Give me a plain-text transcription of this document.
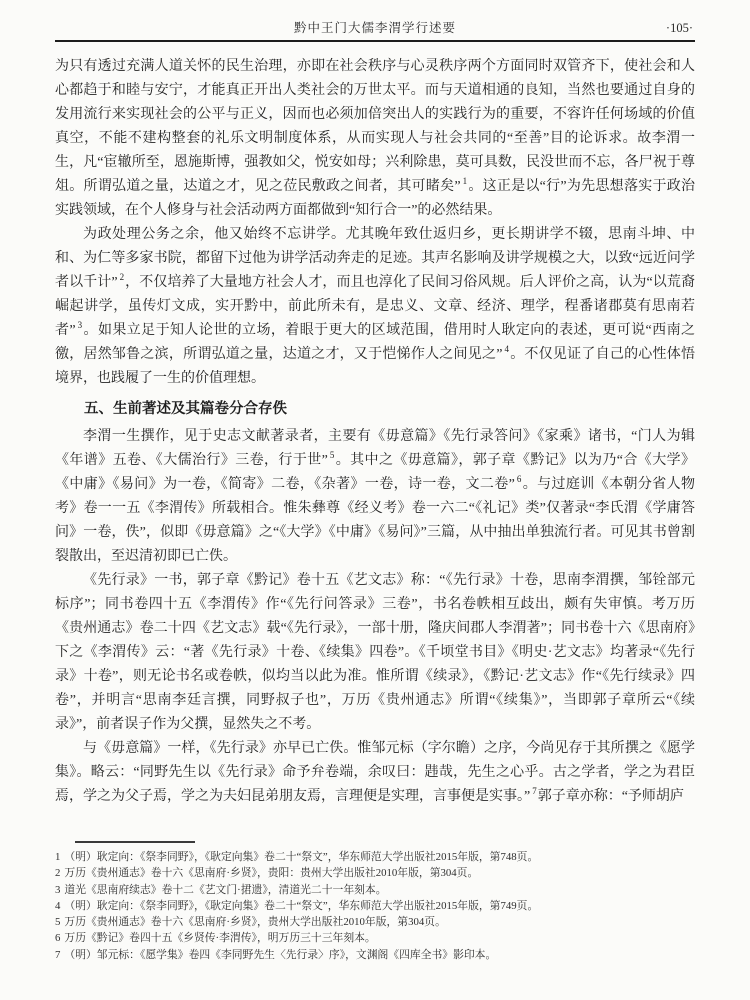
黔中王门大儒李渭学行述要	·105·

为只有透过充满人道关怀的民生治理，亦即在社会秩序与心灵秩序两个方面同时双管齐下，使社会和人心都趋于和睦与安宁，才能真正开出人类社会的万世太平。而与天道相通的良知，当然也要通过自身的发用流行来实现社会的公平与正义，因而也必须加倍突出人的实践行为的重要，不容许任何场域的价值真空，不能不建构整套的礼乐文明制度体系，从而实现人与社会共同的“至善”目的论诉求。故李渭一生，凡“宦辙所至，恩施斯博，强教如父，悦安如母；兴利除患，莫可具数，民没世而不忘，各尸祝于尊俎。所谓弘道之量，达道之才，见之莅民敷政之间者，其可睹矣” $^1$。这正是以“行”为先思想落实于政治实践领域，在个人修身与社会活动两方面都做到“知行合一”的必然结果。

为政处理公务之余，他又始终不忘讲学。尤其晚年致仕返归乡，更长期讲学不辍，思南斗坤、中和、为仁等多家书院，都留下过他为讲学活动奔走的足迹。其声名影响及讲学规模之大，以致“远近问学者以千计” $^2$，不仅培养了大量地方社会人才，而且也淳化了民间习俗风规。后人评价之高，认为“以荒裔崛起讲学，虽传灯文成，实开黔中，前此所未有，是忠义、文章、经济、理学，程番诸郡莫有思南若者” $^3$。如果立足于知人论世的立场，着眼于更大的区域范围，借用时人耿定向的表述，更可说“西南之徼，居然邹鲁之滨，所谓弘道之量，达道之才，又于恺悌作人之间见之” $^4$。不仅见证了自己的心性体悟境界，也践履了一生的价值理想。

五、生前著述及其篇卷分合存佚

李渭一生撰作，见于史志文献著录者，主要有《毋意篇》《先行录答问》《家乘》诸书，“门人为辑《年谱》五卷、《大儒治行》三卷，行于世” $^5$。其中之《毋意篇》，郭子章《黔记》以为乃“合《大学》《中庸》《易问》为一卷，《简寄》二卷，《杂著》一卷，诗一卷，文二卷” $^6$。与过庭训《本朝分省人物考》卷一一五《李渭传》所载相合。惟朱彝尊《经义考》卷一六二“《礼记》类”仅著录“李氏渭《学庸答问》一卷，佚”，似即《毋意篇》之“《大学》《中庸》《易问》”三篇，从中抽出单独流行者。可见其书曾割裂散出，至迟清初即已亡佚。

《先行录》一书，郭子章《黔记》卷十五《艺文志》称：“《先行录》十卷，思南李渭撰，邹铨部元标序”；同书卷四十五《李渭传》作“《先行问答录》三卷”，书名卷帙相互歧出，颇有失审慎。考万历《贵州通志》卷二十四《艺文志》载“《先行录》，一部十册，隆庆间郡人李渭著”；同书卷十六《思南府》下之《李渭传》云：“著《先行录》十卷、《续集》四卷”。《千顷堂书目》《明史·艺文志》均著录“《先行录》十卷”，则无论书名或卷帙，似均当以此为准。惟所谓《续录》，《黔记·艺文志》作“《先行续录》四卷”，并明言“思南李廷言撰，同野叔子也”，万历《贵州通志》所谓“《续集》”，当即郭子章所云“《续录》”，前者误子作为父撰，显然失之不考。

与《毋意篇》一样，《先行录》亦早已亡佚。惟邹元标（字尔瞻）之序，今尚见存于其所撰之《愿学集》。略云：“同野先生以《先行录》命予弁卷端，余叹曰：韪哉，先生之心乎。古之学者，学之为君臣焉，学之为父子焉，学之为夫妇昆弟朋友焉，言理便是实理，言事便是实事。” $^7$郭子章亦称：“予师胡庐

1 （明）耿定向：《祭李同野》，《耿定向集》卷二十“祭文”，华东师范大学出版社2015年版，第748页。
2 万历《贵州通志》卷十六《思南府·乡贤》，贵阳：贵州大学出版社2010年版，第304页。
3 道光《思南府续志》卷十二《艺文门·捃遗》，清道光二十一年刻本。
4 （明）耿定向：《祭李同野》，《耿定向集》卷二十“祭文”，华东师范大学出版社2015年版，第749页。
5 万历《贵州通志》卷十六《思南府·乡贤》，贵州大学出版社2010年版，第304页。
6 万历《黔记》卷四十五《乡贤传·李渭传》，明万历三十三年刻本。
7 （明）邹元标：《愿学集》卷四《李同野先生〈先行录〉序》，文渊阁《四库全书》影印本。
